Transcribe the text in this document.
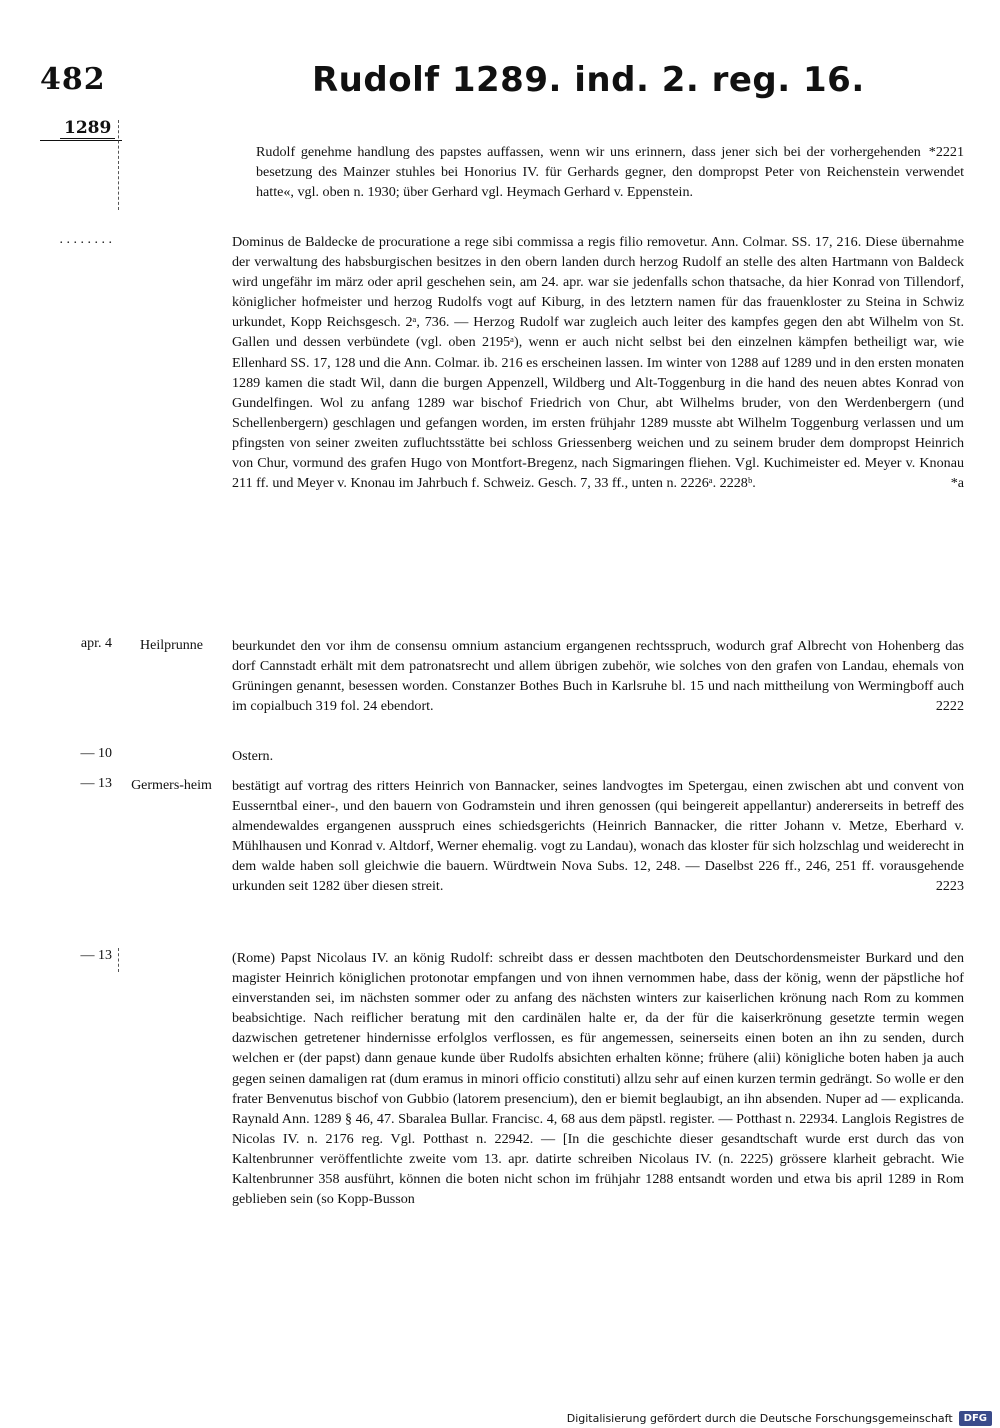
482	Rudolf 1289. ind. 2. reg. 16.
1289
*2221
Rudolf genehme handlung des papstes auffassen, wenn wir uns erinnern, dass jener sich bei der vorhergehenden besetzung des Mainzer stuhles bei Honorius IV. für Gerhards gegner, den dompropst Peter von Reichenstein verwendet hatte«, vgl. oben n. 1930; über Gerhard vgl. Heymach Gerhard v. Eppenstein.
. . . . . . . .	Dominus de Baldecke de procuratione a rege sibi commissa a regis filio removetur. Ann. Colmar. SS. 17, 216. Diese übernahme der verwaltung des habsburgischen besitzes in den obern landen durch herzog Rudolf an stelle des alten Hartmann von Baldeck wird ungefähr im märz oder april geschehen sein, am 24. apr. war sie jedenfalls schon thatsache, da hier Konrad von Tillendorf, königlicher hofmeister und herzog Rudolfs vogt auf Kiburg, in des letztern namen für das frauenkloster zu Steina in Schwiz urkundet, Kopp Reichsgesch. 2ᵃ, 736. — Herzog Rudolf war zugleich auch leiter des kampfes gegen den abt Wilhelm von St. Gallen und dessen verbündete (vgl. oben 2195ᵃ), wenn er auch nicht selbst bei den einzelnen kämpfen betheiligt war, wie Ellenhard SS. 17, 128 und die Ann. Colmar. ib. 216 es erscheinen lassen. Im winter von 1288 auf 1289 und in den ersten monaten 1289 kamen die stadt Wil, dann die burgen Appenzell, Wildberg und Alt-Toggenburg in die hand des neuen abtes Konrad von Gundelfingen. Wol zu anfang 1289 war bischof Friedrich von Chur, abt Wilhelms bruder, von den Werdenbergern (und Schellenbergern) geschlagen und gefangen worden, im ersten frühjahr 1289 musste abt Wilhelm Toggenburg verlassen und um pfingsten von seiner zweiten zufluchtsstätte bei schloss Griessenberg weichen und zu seinem bruder dem dompropst Heinrich von Chur, vormund des grafen Hugo von Montfort-Bregenz, nach Sigmaringen fliehen. Vgl. Kuchimeister ed. Meyer v. Knonau 211 ff. und Meyer v. Knonau im Jahrbuch f. Schweiz. Gesch. 7, 33 ff., unten n. 2226ᵃ. 2228ᵇ.	*a
apr. 4	Heilprunne	beurkundet den vor ihm de consensu omnium astancium ergangenen rechtsspruch, wodurch graf Albrecht von Hohenberg das dorf Cannstadt erhält mit dem patronatsrecht und allem übrigen zubehör, wie solches von den grafen von Landau, ehemals von Grüningen genannt, besessen worden. Constanzer Bothes Buch in Karlsruhe bl. 15 und nach mittheilung von Wermingboff auch im copialbuch 319 fol. 24 ebendort.	2222
— 10	Ostern.
— 13	Germers-heim	bestätigt auf vortrag des ritters Heinrich von Bannacker, seines landvogtes im Spetergau, einen zwischen abt und convent von Eusserntbal einer-, und den bauern von Godramstein und ihren genossen (qui beingereit appellantur) andererseits in betreff des almendewaldes ergangenen ausspruch eines schiedsgerichts (Heinrich Bannacker, die ritter Johann v. Metze, Eberhard v. Mühlhausen und Konrad v. Altdorf, Werner ehemalig. vogt zu Landau), wonach das kloster für sich holzschlag und weiderecht in dem walde haben soll gleichwie die bauern. Würdtwein Nova Subs. 12, 248. — Daselbst 226 ff., 246, 251 ff. vorausgehende urkunden seit 1282 über diesen streit.	2223
— 13	(Rome) Papst Nicolaus IV. an könig Rudolf: schreibt dass er dessen machtboten den Deutschordensmeister Burkard und den magister Heinrich königlichen protonotar empfangen und von ihnen vernommen habe, dass der könig, wenn der päpstliche hof einverstanden sei, im nächsten sommer oder zu anfang des nächsten winters zur kaiserlichen krönung nach Rom zu kommen beabsichtige. Nach reiflicher beratung mit den cardinälen halte er, da der für die kaiserkrönung gesetzte termin wegen dazwischen getretener hindernisse erfolglos verflossen, es für angemessen, seinerseits einen boten an ihn zu senden, durch welchen er (der papst) dann genaue kunde über Rudolfs absichten erhalten könne; frühere (alii) königliche boten haben ja auch gegen seinen damaligen rat (dum eramus in minori officio constituti) allzu sehr auf einen kurzen termin gedrängt. So wolle er den frater Benvenutus bischof von Gubbio (latorem presencium), den er biemit beglaubigt, an ihn absenden. Nuper ad — explicanda. Raynald Ann. 1289 § 46, 47. Sbaralea Bullar. Francisc. 4, 68 aus dem päpstl. register. — Potthast n. 22934. Langlois Registres de Nicolas IV. n. 2176 reg. Vgl. Potthast n. 22942. — [In die geschichte dieser gesandtschaft wurde erst durch das von Kaltenbrunner veröffentlichte zweite vom 13. apr. datirte schreiben Nicolaus IV. (n. 2225) grössere klarheit gebracht. Wie Kaltenbrunner 358 ausführt, können die boten nicht schon im frühjahr 1288 entsandt worden und etwa bis april 1289 in Rom geblieben sein (so Kopp-Busson
Digitalisierung gefördert durch die Deutsche Forschungsgemeinschaft	DFG
